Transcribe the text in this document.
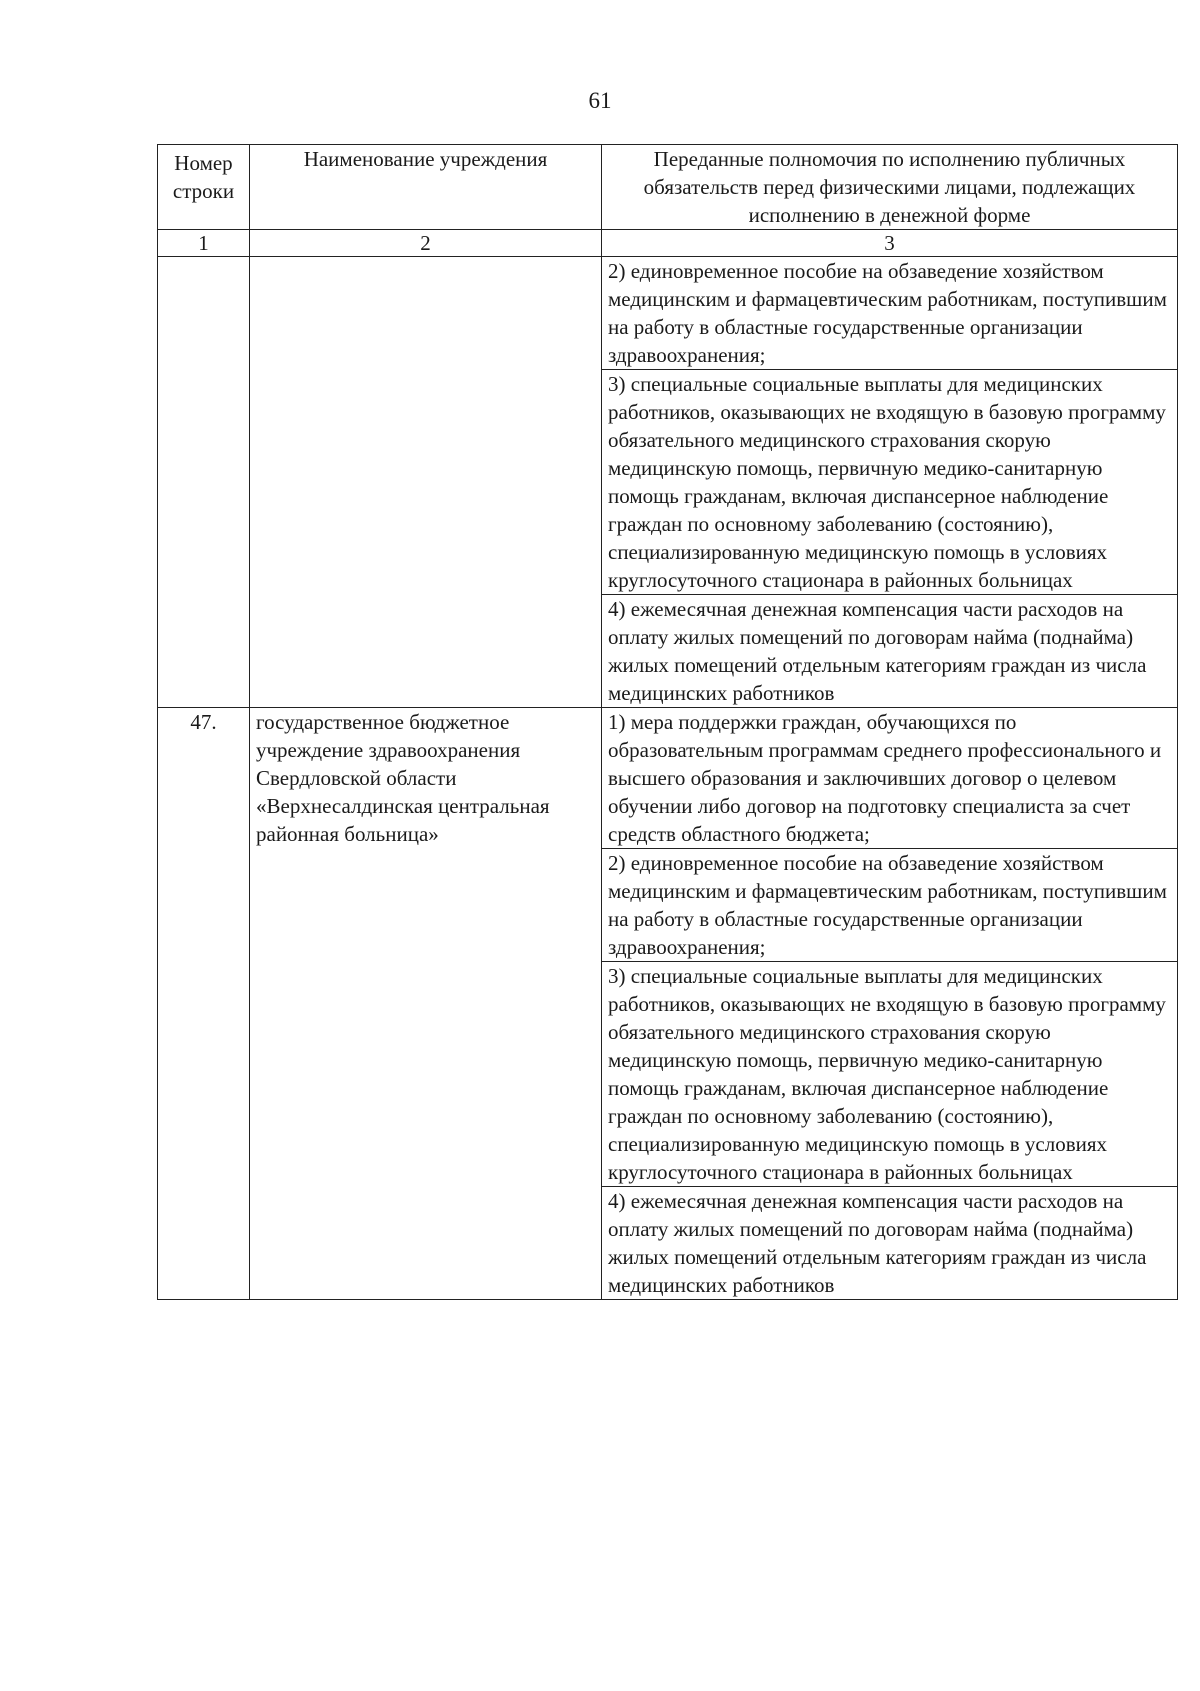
61
Номер строки	Наименование учреждения	Переданные полномочия по исполнению публичных обязательств перед физическими лицами, подлежащих исполнению в денежной форме
1	2	3
		2) единовременное пособие на обзаведение хозяйством медицинским и фармацевтическим работникам, поступившим на работу в областные государственные организации здравоохранения;
		3) специальные социальные выплаты для медицинских работников, оказывающих не входящую в базовую программу обязательного медицинского страхования скорую медицинскую помощь, первичную медико-санитарную помощь гражданам, включая диспансерное наблюдение граждан по основному заболеванию (состоянию), специализированную медицинскую помощь в условиях круглосуточного стационара в районных больницах
		4) ежемесячная денежная компенсация части расходов на оплату жилых помещений по договорам найма (поднайма) жилых помещений отдельным категориям граждан из числа медицинских работников
47.	государственное бюджетное учреждение здравоохранения Свердловской области «Верхнесалдинская центральная районная больница»	1) мера поддержки граждан, обучающихся по образовательным программам среднего профессионального и высшего образования и заключивших договор о целевом обучении либо договор на подготовку специалиста за счет средств областного бюджета;
		2) единовременное пособие на обзаведение хозяйством медицинским и фармацевтическим работникам, поступившим на работу в областные государственные организации здравоохранения;
		3) специальные социальные выплаты для медицинских работников, оказывающих не входящую в базовую программу обязательного медицинского страхования скорую медицинскую помощь, первичную медико-санитарную помощь гражданам, включая диспансерное наблюдение граждан по основному заболеванию (состоянию), специализированную медицинскую помощь в условиях круглосуточного стационара в районных больницах
		4) ежемесячная денежная компенсация части расходов на оплату жилых помещений по договорам найма (поднайма) жилых помещений отдельным категориям граждан из числа медицинских работников
